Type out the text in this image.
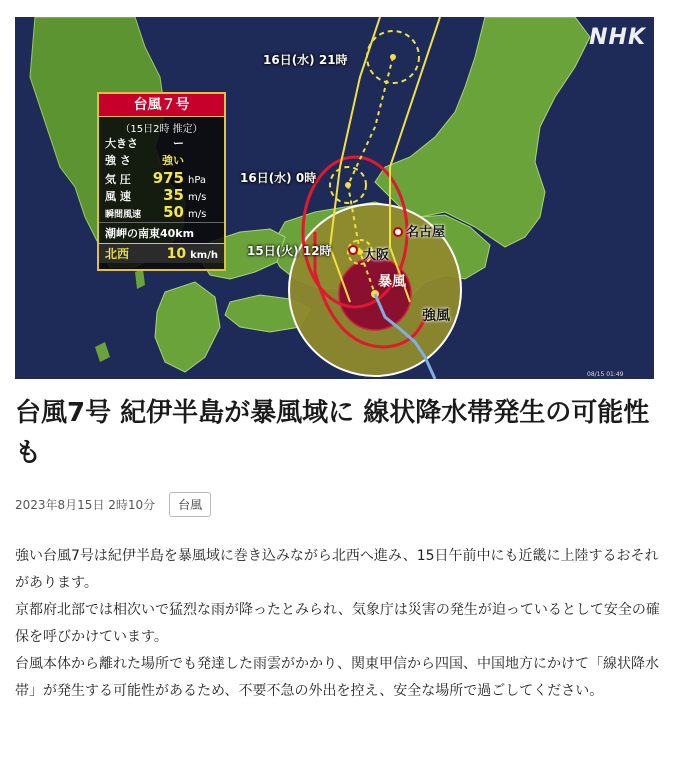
08/15 01:49
NHK
16日(水) 21時
16日(水) 0時
15日(火) 12時
名古屋
大阪
暴風
強風
台風７号
（15日2時 推定）
大きさ	ー
強 さ	強い
気 圧	975 hPa
風 速	35 m/s
瞬間風速	50 m/s
潮岬の南東40km
北西	10 km/h
台風7号 紀伊半島が暴風域に 線状降水帯発生の可能性も
2023年8月15日 2時10分	台風

強い台風7号は紀伊半島を暴風域に巻き込みながら北西へ進み、15日午前中にも近畿に上陸するおそれがあります。

京都府北部では相次いで猛烈な雨が降ったとみられ、気象庁は災害の発生が迫っているとして安全の確保を呼びかけています。

台風本体から離れた場所でも発達した雨雲がかかり、関東甲信から四国、中国地方にかけて「線状降水帯」が発生する可能性があるため、不要不急の外出を控え、安全な場所で過ごしてください。
